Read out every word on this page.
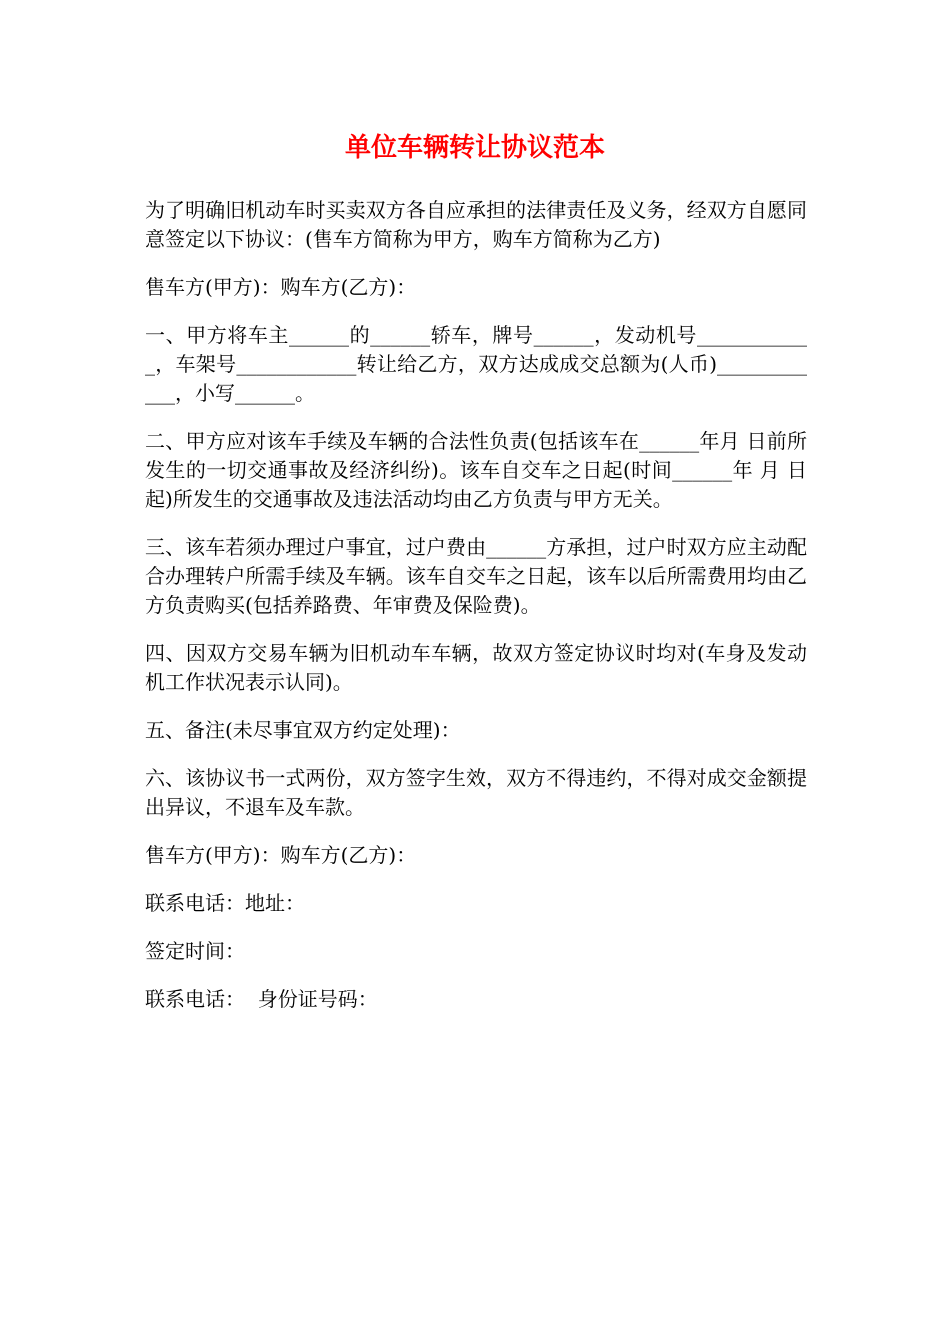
单位车辆转让协议范本

为了明确旧机动车时买卖双方各自应承担的法律责任及义务，经双方自愿同意签定以下协议：(售车方简称为甲方，购车方简称为乙方)

售车方(甲方)：购车方(乙方)：

一、甲方将车主______的______轿车，牌号______，发动机号____________，车架号____________转让给乙方，双方达成成交总额为(人币)____________，小写______。

二、甲方应对该车手续及车辆的合法性负责(包括该车在______年月 日前所发生的一切交通事故及经济纠纷)。该车自交车之日起(时间______年 月 日起)所发生的交通事故及违法活动均由乙方负责与甲方无关。

三、该车若须办理过户事宜，过户费由______方承担，过户时双方应主动配合办理转户所需手续及车辆。该车自交车之日起，该车以后所需费用均由乙方负责购买(包括养路费、年审费及保险费)。

四、因双方交易车辆为旧机动车车辆，故双方签定协议时均对(车身及发动机工作状况表示认同)。

五、备注(未尽事宜双方约定处理)：

六、该协议书一式两份，双方签字生效，双方不得违约，不得对成交金额提出异议，不退车及车款。

售车方(甲方)：购车方(乙方)：

联系电话：地址：

签定时间：

联系电话：  身份证号码：
